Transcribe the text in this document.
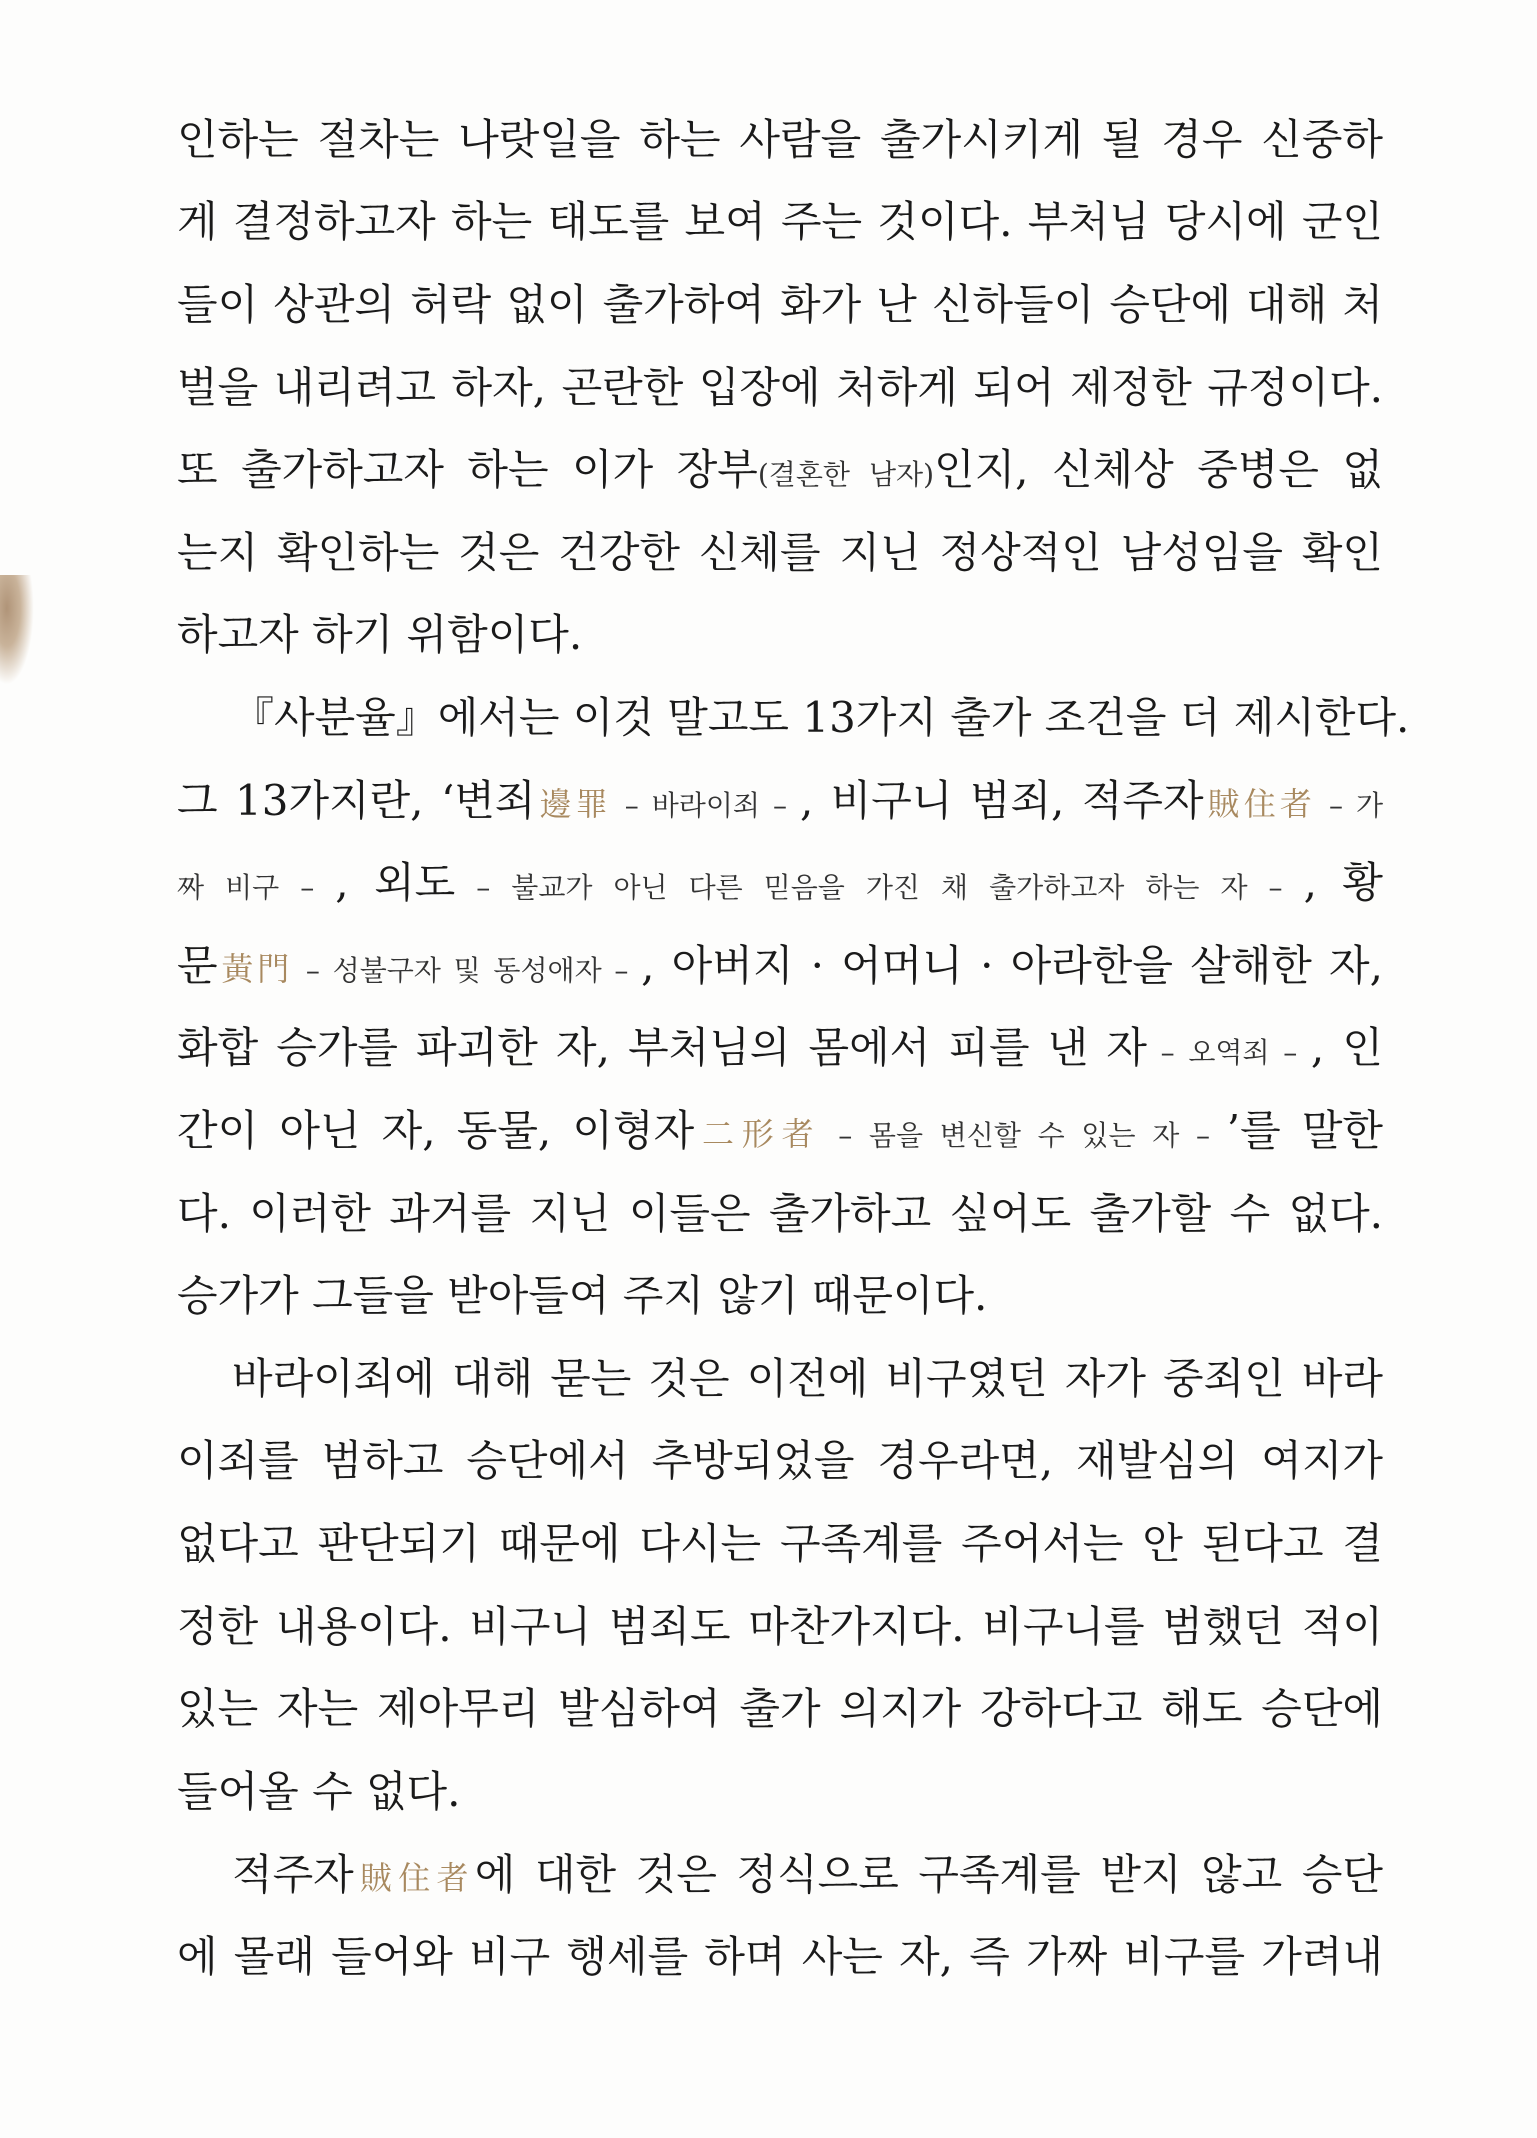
인하는 절차는 나랏일을 하는 사람을 출가시키게 될 경우 신중하
게 결정하고자 하는 태도를 보여 주는 것이다. 부처님 당시에 군인
들이 상관의 허락 없이 출가하여 화가 난 신하들이 승단에 대해 처
벌을 내리려고 하자, 곤란한 입장에 처하게 되어 제정한 규정이다.
또 출가하고자 하는 이가 장부(결혼한 남자)인지, 신체상 중병은 없
는지 확인하는 것은 건강한 신체를 지닌 정상적인 남성임을 확인
하고자 하기 위함이다.
『사분율』에서는 이것 말고도 13가지 출가 조건을 더 제시한다.
그 13가지란, ‘변죄邊罪 – 바라이죄 – , 비구니 범죄, 적주자賊住者 – 가
짜 비구 – , 외도 – 불교가 아닌 다른 믿음을 가진 채 출가하고자 하는 자 – , 황
문黃門 – 성불구자 및 동성애자 – , 아버지 · 어머니 · 아라한을 살해한 자,
화합 승가를 파괴한 자, 부처님의 몸에서 피를 낸 자 – 오역죄 – , 인
간이 아닌 자, 동물, 이형자二形者 – 몸을 변신할 수 있는 자 – ’를 말한
다. 이러한 과거를 지닌 이들은 출가하고 싶어도 출가할 수 없다.
승가가 그들을 받아들여 주지 않기 때문이다.
바라이죄에 대해 묻는 것은 이전에 비구였던 자가 중죄인 바라
이죄를 범하고 승단에서 추방되었을 경우라면, 재발심의 여지가
없다고 판단되기 때문에 다시는 구족계를 주어서는 안 된다고 결
정한 내용이다. 비구니 범죄도 마찬가지다. 비구니를 범했던 적이
있는 자는 제아무리 발심하여 출가 의지가 강하다고 해도 승단에
들어올 수 없다.
적주자賊住者에 대한 것은 정식으로 구족계를 받지 않고 승단
에 몰래 들어와 비구 행세를 하며 사는 자, 즉 가짜 비구를 가려내
